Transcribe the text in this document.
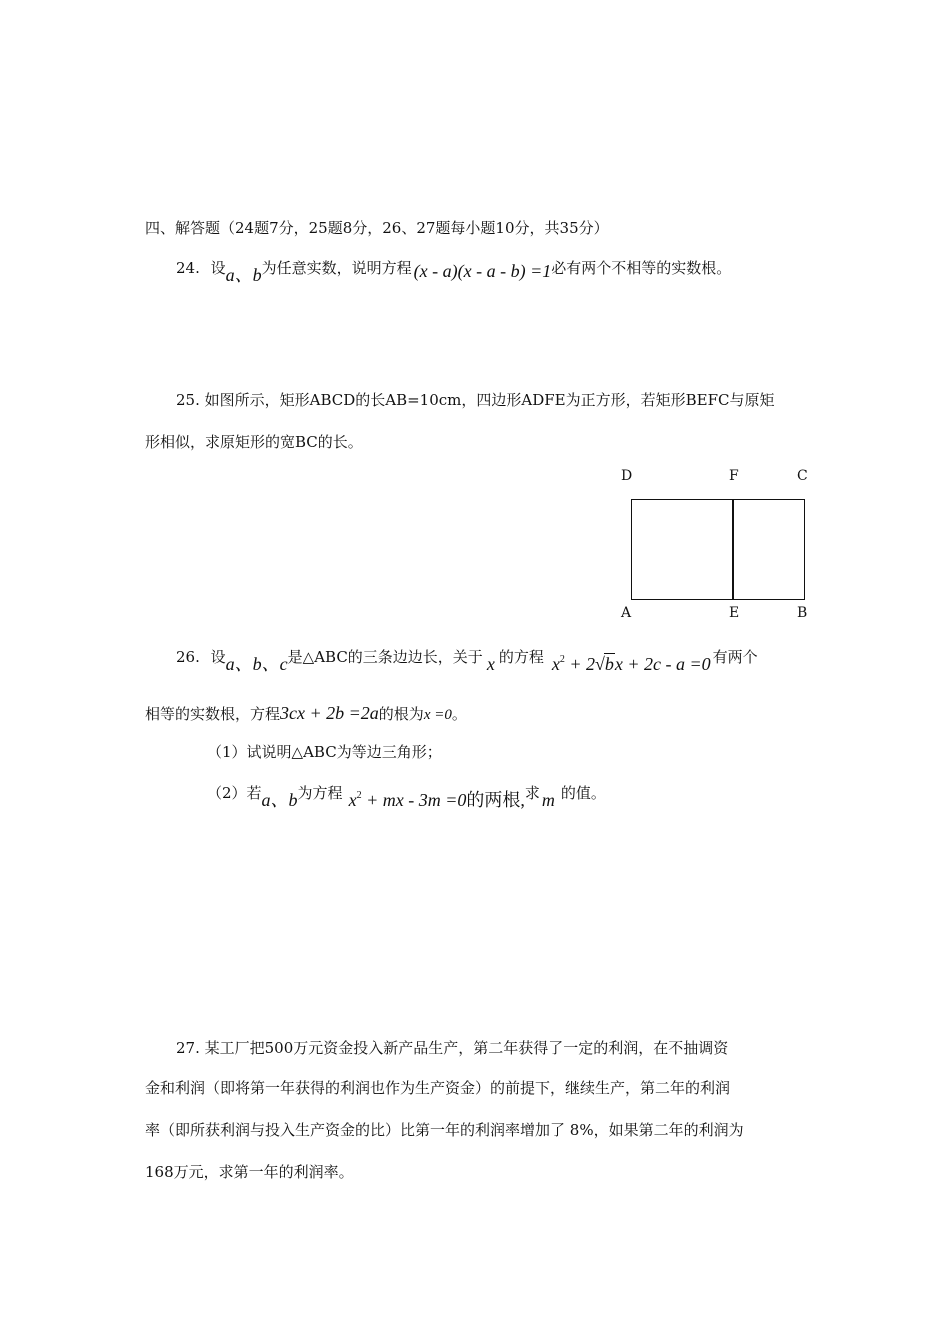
四、解答题（24题7分，25题8分，26、27题每小题10分，共35分）
24. 设a、b为任意实数，说明方程 (x - a)(x - a - b) =1必有两个不相等的实数根。
25. 如图所示，矩形ABCD的长AB=10cm，四边形ADFE为正方形，若矩形BEFC与原矩
形相似，求原矩形的宽BC的长。
D	F	C
A	E	B
26. 设a、b、c是△ABC的三条边边长，关于 x 的方程 $x^2 + 2√bx + 2c - a =0$ 有两个
相等的实数根，方程3cx + 2b =2a的根为x =0。
（1）试说明△ABC为等边三角形；
（2）若a、b为方程 $x^2$ + mx - 3m =0的两根,求 m 的值。
27. 某工厂把500万元资金投入新产品生产，第二年获得了一定的利润，在不抽调资
金和利润（即将第一年获得的利润也作为生产资金）的前提下，继续生产，第二年的利润
率（即所获利润与投入生产资金的比）比第一年的利润率增加了 8%，如果第二年的利润为
168万元，求第一年的利润率。
